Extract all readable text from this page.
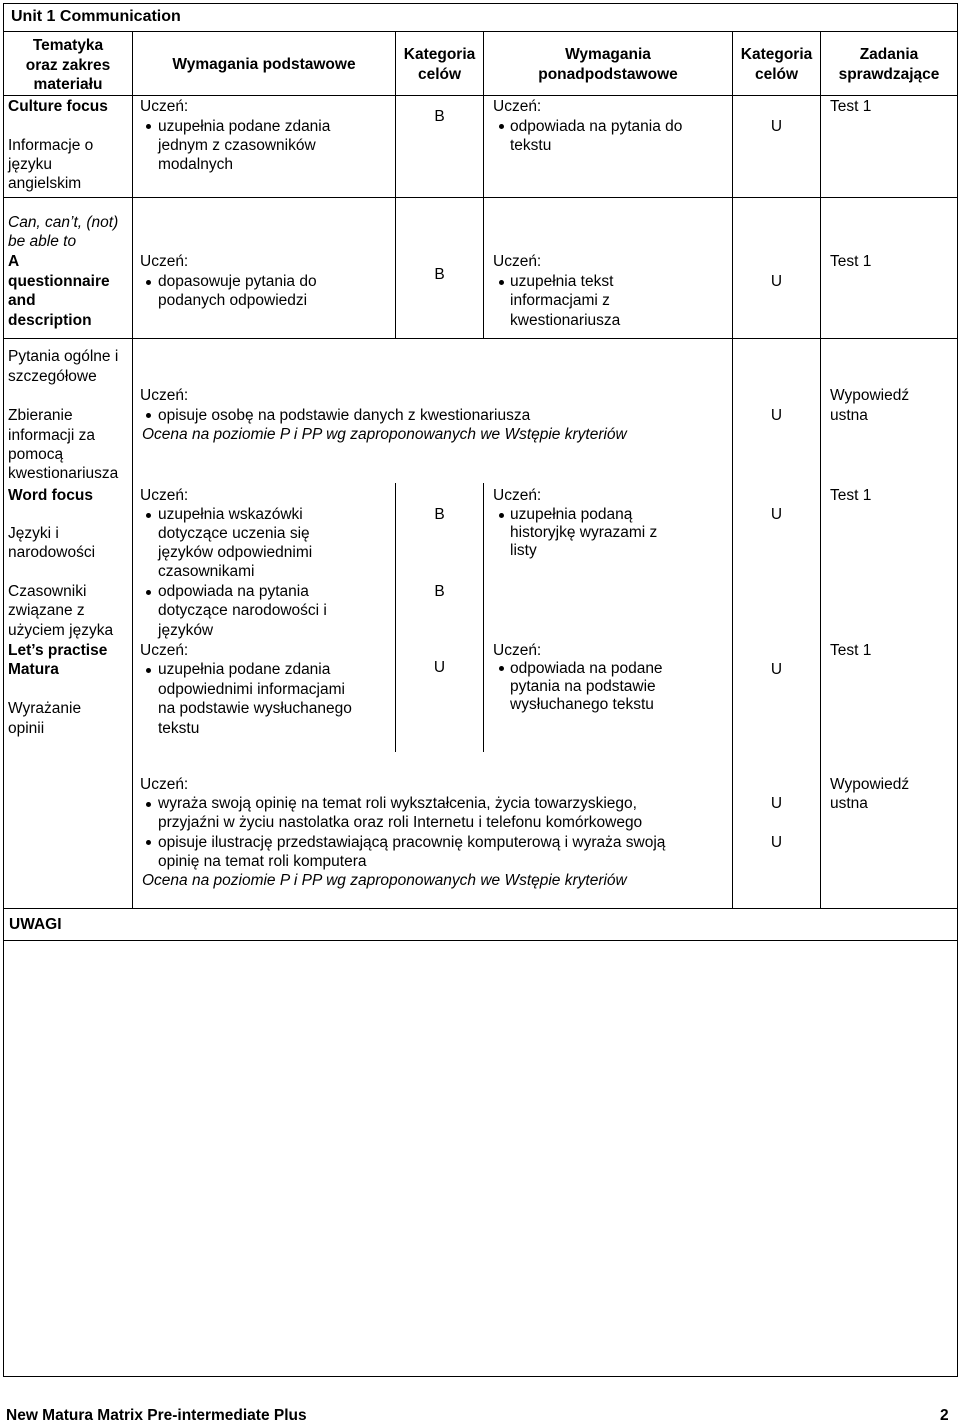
Unit 1 Communication
Tematyka
oraz zakres
materiału
Wymagania podstawowe
Kategoria
celów
Wymagania
ponadpodstawowe
Kategoria
celów
Zadania
sprawdzające
Culture focus
Informacje o
języku
angielskim
Uczeń:
uzupełnia podane zdania
jednym z czasowników
modalnych
B
Uczeń:
odpowiada na pytania do
tekstu
U
Test 1
Can, can’t, (not)
be able to
A
questionnaire
and
description
Uczeń:
dopasowuje pytania do
podanych odpowiedzi
B
Uczeń:
uzupełnia tekst
informacjami z
kwestionariusza
U
Test 1
Pytania ogólne i
szczegółowe
Zbieranie
informacji za
pomocą
kwestionariusza
Uczeń:
opisuje osobę na podstawie danych z kwestionariusza
Ocena na poziomie P i PP wg zaproponowanych we Wstępie kryteriów
U
Wypowiedź
ustna
Word focus
Języki i
narodowości
Czasowniki
związane z
użyciem języka
Uczeń:
uzupełnia wskazówki
dotyczące uczenia się
języków odpowiednimi
czasownikami
odpowiada na pytania
dotyczące narodowości i
języków
B
B
Uczeń:
uzupełnia podaną
historyjkę wyrazami z
listy
U
Test 1
Let’s practise
Matura
Wyrażanie
opinii
Uczeń:
uzupełnia podane zdania
odpowiednimi informacjami
na podstawie wysłuchanego
tekstu
U
Uczeń:
odpowiada na podane
pytania na podstawie
wysłuchanego tekstu
U
Test 1
Uczeń:
wyraża swoją opinię na temat roli wykształcenia, życia towarzyskiego,
przyjaźni w życiu nastolatka oraz roli Internetu i telefonu komórkowego
opisuje ilustrację przedstawiającą pracownię komputerową i wyraża swoją
opinię na temat roli komputera
Ocena na poziomie P i PP wg zaproponowanych we Wstępie kryteriów
U
U
Wypowiedź
ustna
UWAGI
New Matura Matrix Pre-intermediate Plus	2
